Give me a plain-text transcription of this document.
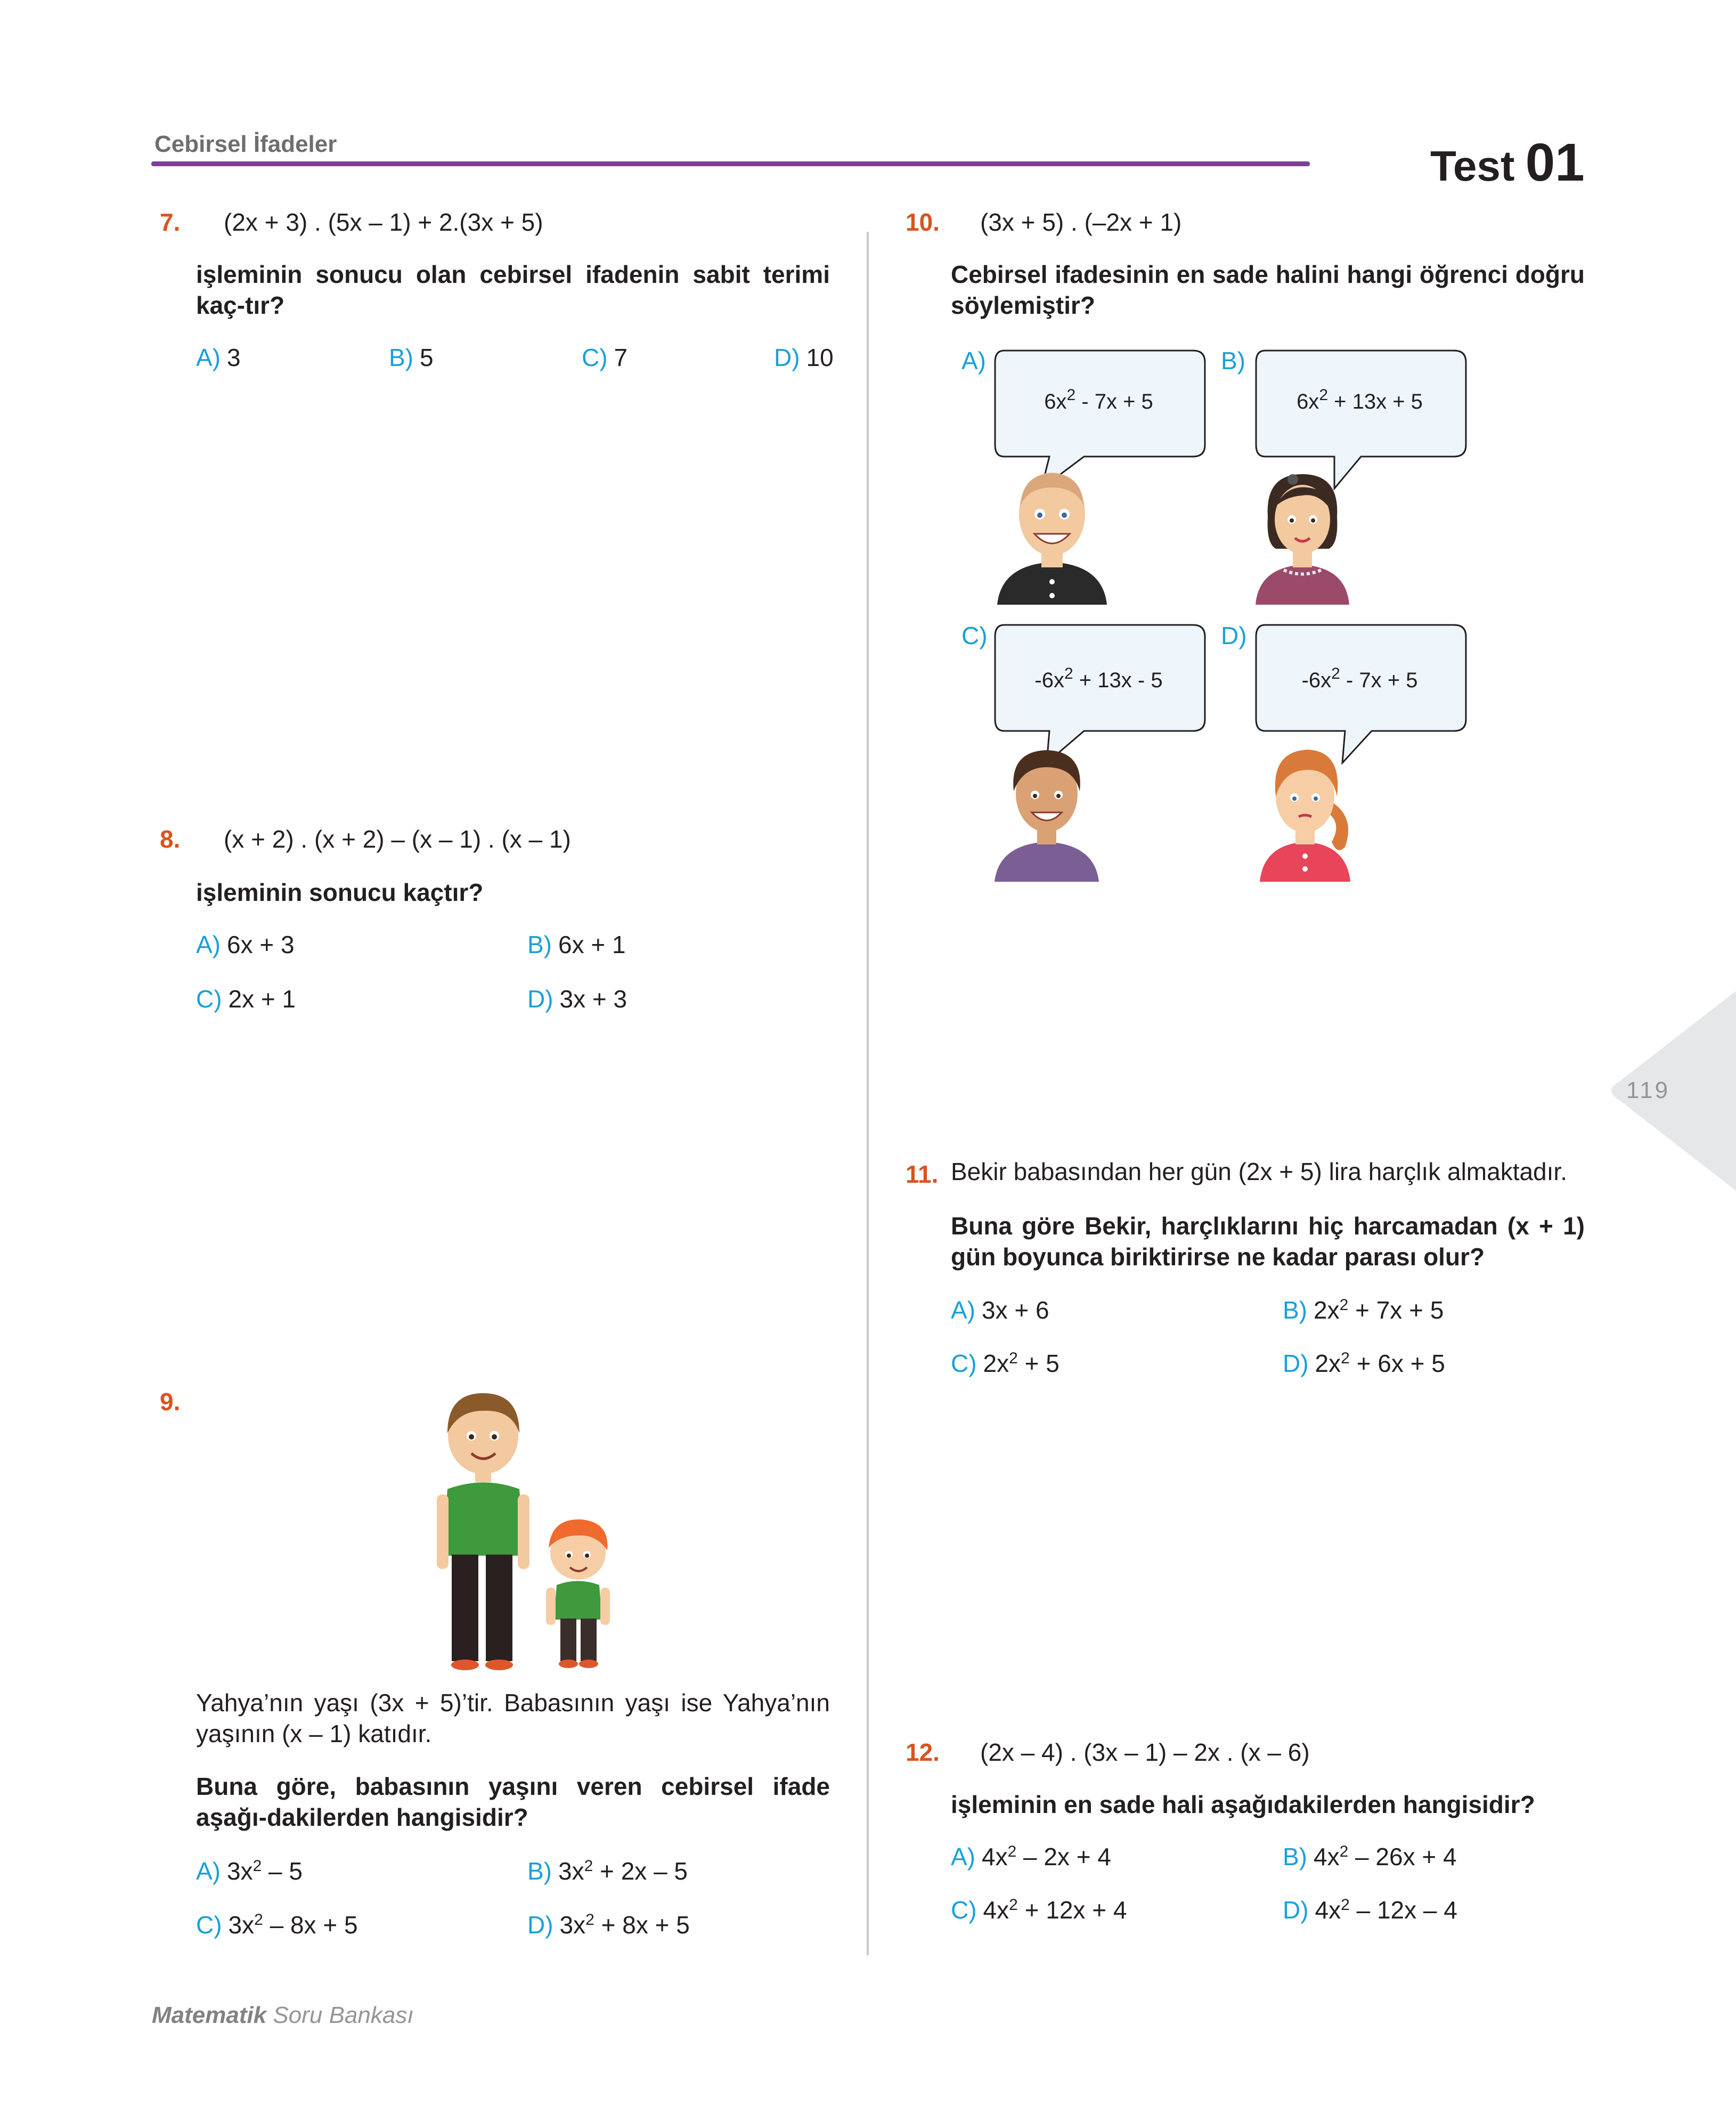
Cebirsel İfadeler	Test 01
119
7. (2x + 3) . (5x – 1) + 2.(3x + 5)
işleminin sonucu olan cebirsel ifadenin sabit terimi kaç-tır?
A) 3	B) 5	C) 7	D) 10
8. (x + 2) . (x + 2) – (x – 1) . (x – 1)
işleminin sonucu kaçtır?
A) 6x + 3	B) 6x + 1
C) 2x + 1	D) 3x + 3
9.
Yahya’nın yaşı (3x + 5)’tir. Babasının yaşı ise Yahya’nın yaşının (x – 1) katıdır.
Buna göre, babasının yaşını veren cebirsel ifade aşağı-dakilerden hangisidir?
A) $3x^2 - 5$	B) $3x^2 + 2x - 5$
C) $3x^2 - 8x + 5$	D) $3x^2 + 8x + 5$
10. (3x + 5) . (–2x + 1)
Cebirsel ifadesinin en sade halini hangi öğrenci doğru söylemiştir?
A)
$6x^2 - 7x + 5$
B)
$6x^2 + 13x + 5$
C)
$-6x^2 + 13x - 5$
D)
$-6x^2 - 7x + 5$
11. Bekir babasından her gün (2x + 5) lira harçlık almaktadır.
Buna göre Bekir, harçlıklarını hiç harcamadan (x + 1) gün boyunca biriktirirse ne kadar parası olur?
A) 3x + 6	B) $2x^2 + 7x + 5$
C) $2x^2 + 5$	D) $2x^2 + 6x + 5$
12. (2x – 4) . (3x – 1) – 2x . (x – 6)
işleminin en sade hali aşağıdakilerden hangisidir?
A) $4x^2 - 2x + 4$	B) $4x^2 - 26x + 4$
C) $4x^2 + 12x + 4$	D) $4x^2 - 12x - 4$
Matematik Soru Bankası
